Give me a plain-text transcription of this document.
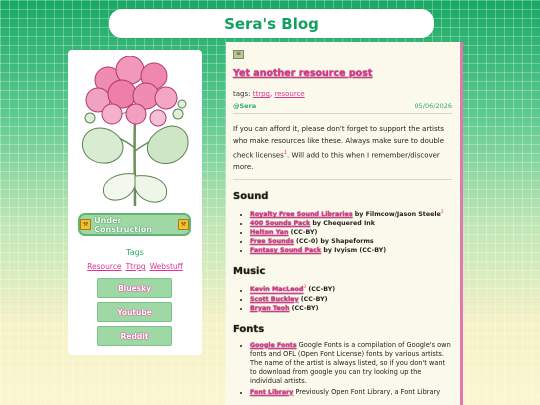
Sera's Blog
⚒ Under Construction	⚒
Tags
Resource Ttrpg Webstuff
Bluesky
Youtube
Reddit
≡
Yet another resource post
tags: ttrpg, resource
@Sera	05/06/2026

If you can afford it, please don't forget to support the artists who make resources like these. Always make sure to double check licenses$^1$. Will add to this when I remember/discover more.

Sound
• Royalty Free Sound Libraries by Filmcow/Jason Steele$^2$
• 400 Sounds Pack by Chequered Ink
• Helton Yan (CC-BY)
• Free Sounds (CC-0) by Shapeforms
• Fantasy Sound Pack by Ivyism (CC-BY)
Music
• Kevin MacLeod$^3$ (CC-BY)
• Scott Buckley (CC-BY)
• Bryan Teoh (CC-BY)
Fonts
• Google Fonts Google Fonts is a compilation of Google's own fonts and OFL (Open Font License) fonts by various artists. The name of the artist is always listed, so if you don't want to download from google you can try looking up the individual artists.
• Font Library Previously Open Font Library, a Font Library
